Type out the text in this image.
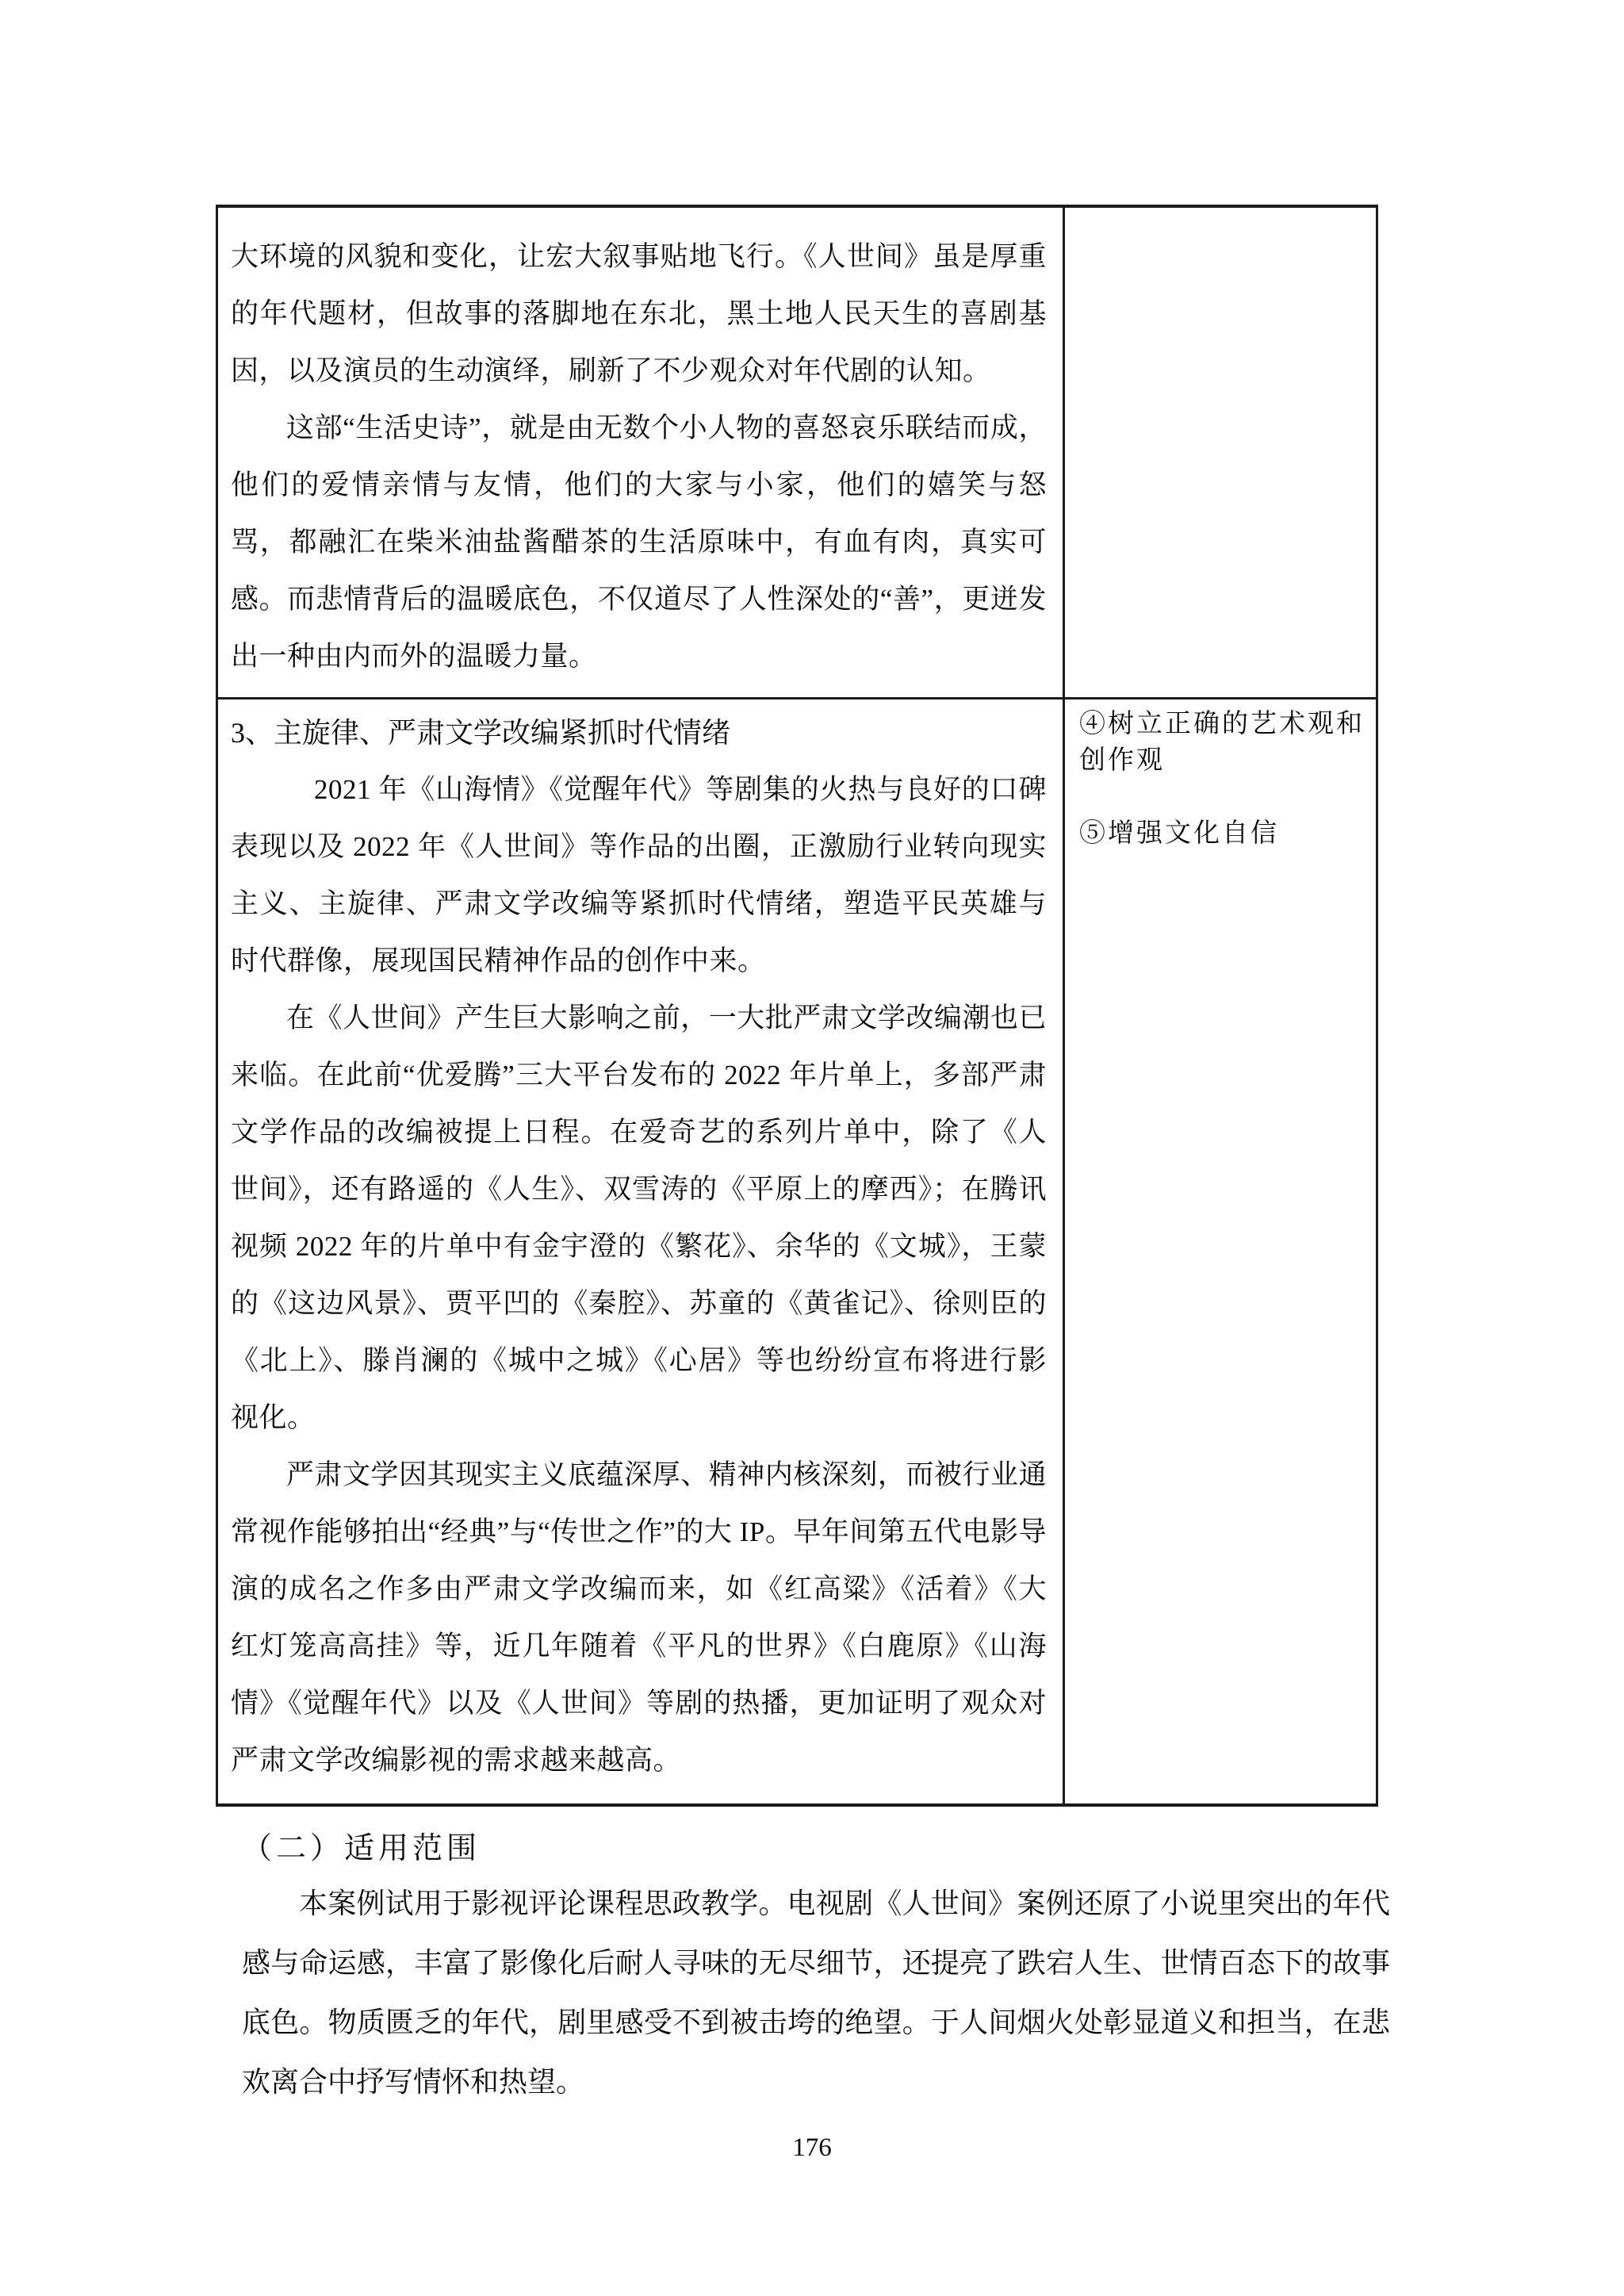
大环境的风貌和变化，让宏大叙事贴地飞行。《人世间》虽是厚重的年代题材，但故事的落脚地在东北，黑土地人民天生的喜剧基因，以及演员的生动演绎，刷新了不少观众对年代剧的认知。

这部“生活史诗”，就是由无数个小人物的喜怒哀乐联结而成，他们的爱情亲情与友情，他们的大家与小家，他们的嬉笑与怒骂，都融汇在柴米油盐酱醋茶的生活原味中，有血有肉，真实可感。而悲情背后的温暖底色，不仅道尽了人性深处的“善”，更迸发出一种由内而外的温暖力量。

3、主旋律、严肃文学改编紧抓时代情绪

2021 年《山海情》《觉醒年代》等剧集的火热与良好的口碑表现以及 2022 年《人世间》等作品的出圈，正激励行业转向现实主义、主旋律、严肃文学改编等紧抓时代情绪，塑造平民英雄与时代群像，展现国民精神作品的创作中来。

在《人世间》产生巨大影响之前，一大批严肃文学改编潮也已来临。在此前“优爱腾”三大平台发布的 2022 年片单上，多部严肃文学作品的改编被提上日程。在爱奇艺的系列片单中，除了《人世间》，还有路遥的《人生》、双雪涛的《平原上的摩西》；在腾讯视频 2022 年的片单中有金宇澄的《繁花》、余华的《文城》，王蒙的《这边风景》、贾平凹的《秦腔》、苏童的《黄雀记》、徐则臣的《北上》、滕肖澜的《城中之城》《心居》等也纷纷宣布将进行影视化。

严肃文学因其现实主义底蕴深厚、精神内核深刻，而被行业通常视作能够拍出“经典”与“传世之作”的大 IP。早年间第五代电影导演的成名之作多由严肃文学改编而来，如《红高粱》《活着》《大红灯笼高高挂》等，近几年随着《平凡的世界》《白鹿原》《山海情》《觉醒年代》以及《人世间》等剧的热播，更加证明了观众对严肃文学改编影视的需求越来越高。

④树立正确的艺术观和创作观

⑤增强文化自信

（二）适用范围

本案例试用于影视评论课程思政教学。电视剧《人世间》案例还原了小说里突出的年代感与命运感，丰富了影像化后耐人寻味的无尽细节，还提亮了跌宕人生、世情百态下的故事底色。物质匮乏的年代，剧里感受不到被击垮的绝望。于人间烟火处彰显道义和担当，在悲欢离合中抒写情怀和热望。

176
